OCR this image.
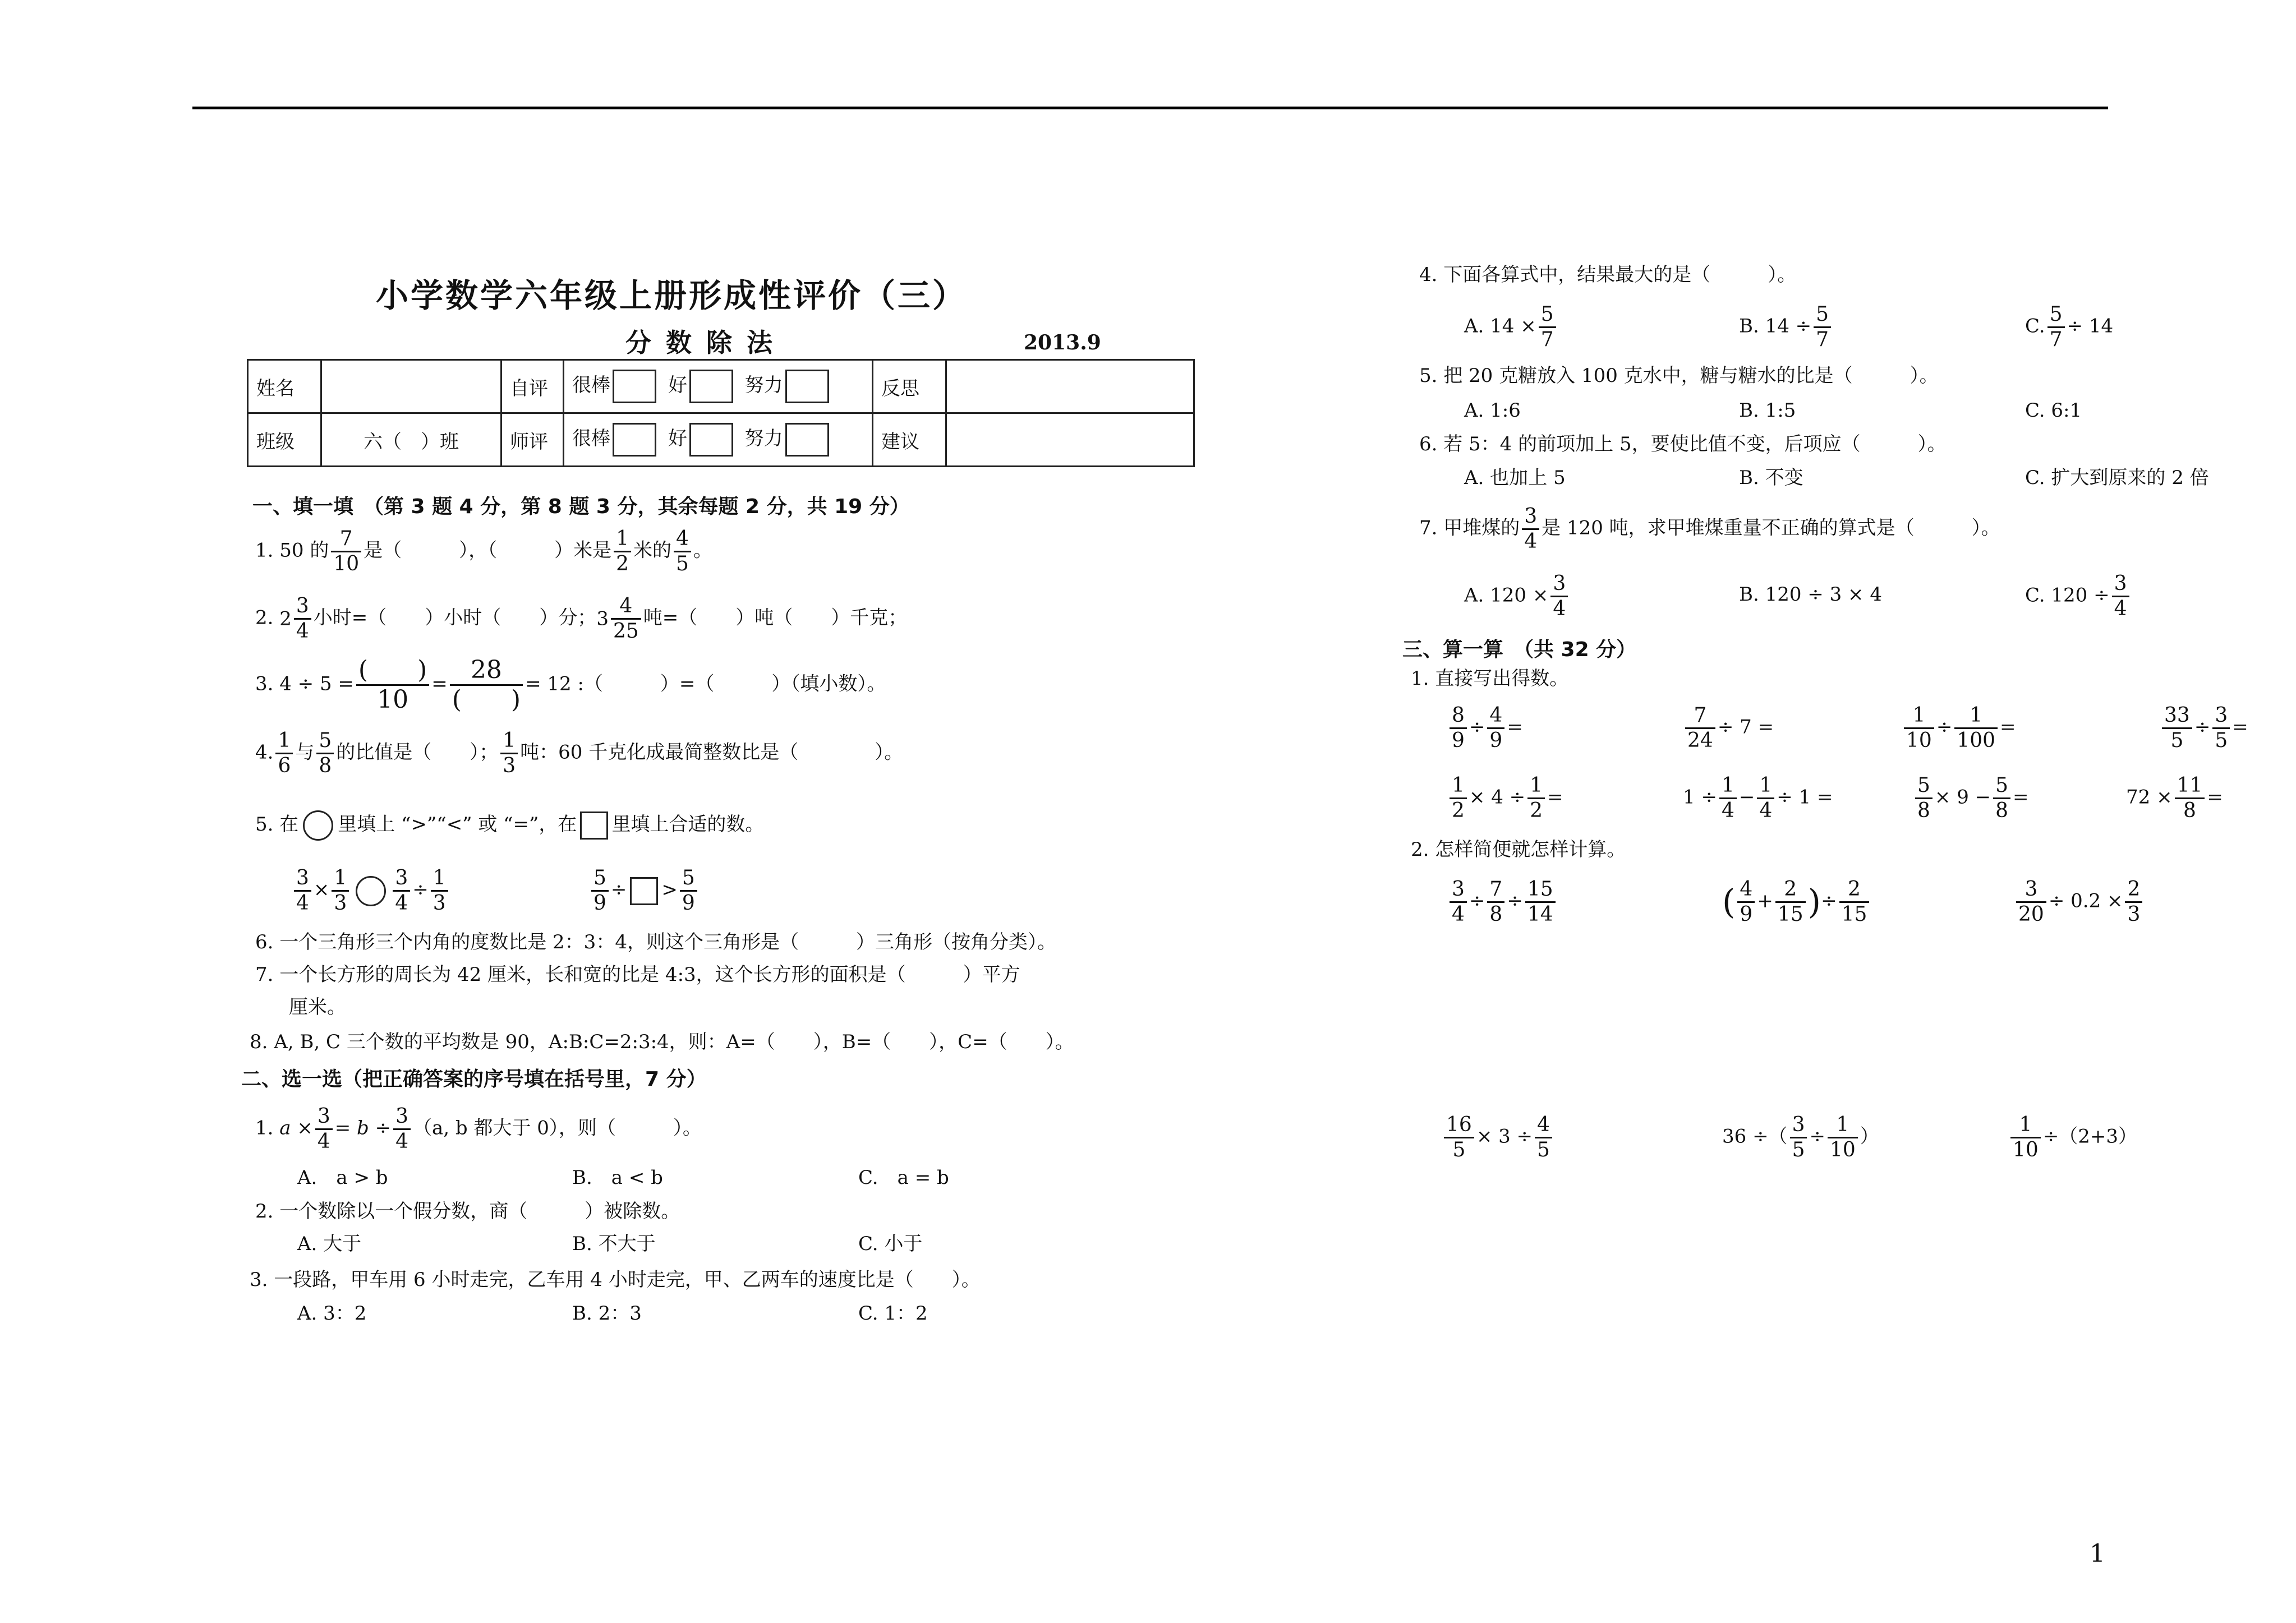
小学数学六年级上册形成性评价（三）
分数除法	2013.9
姓名		自评	很棒 好 努力	反思	
班级	六（　）班	师评	很棒 好 努力	建议	
一、填一填　（第 3 题 4 分，第 8 题 3 分，其余每题 2 分，共 19 分）
1. 50 的 $\frac{7}{10}$ 是（　　　），（　　　）米是 $\frac{1}{2}$ 米的 $\frac{4}{5}$ 。
2. $2 \frac{3}{4}$ 小时=（　　）小时（　　）分；$3 \frac{4}{25}$ 吨=（　　）吨（　　）千克；
3. $4 \div 5 = \frac{( )}{10} = \frac{28}{( )} = 12$ :（　　　）=（　　　）（填小数）。
4. $\frac{1}{6}$ 与 $\frac{5}{8}$ 的比值是（　　）； $\frac{1}{3}$ 吨：60 千克化成最简整数比是（　　　　）。
5. 在 里填上 “>”“<” 或 “=”，在 里填上合适的数。
$\frac{3}{4} \times \frac{1}{3} \frac{3}{4} \div \frac{1}{3}$	$\frac{5}{9}$ ÷ > $\frac{5}{9}$
6. 一个三角形三个内角的度数比是 2：3：4，则这个三角形是（　　　）三角形（按角分类）。
7. 一个长方形的周长为 42 厘米，长和宽的比是 4:3，这个长方形的面积是（　　　）平方
厘米。
8. A, B, C 三个数的平均数是 90，A:B:C=2:3:4，则：A=（　　），B=（　　），C=（　　）。
二、选一选（把正确答案的序号填在括号里，7 分）
1. $a \times \frac{3}{4} = b \div \frac{3}{4} (a$, b 都大于 0），则（　　　）。
A.　a > b	B.　a < b	C.　a = b
2. 一个数除以一个假分数，商（　　　）被除数。
A. 大于	B. 不大于	C. 小于
3. 一段路，甲车用 6 小时走完，乙车用 4 小时走完，甲、乙两车的速度比是（　　）。
A. 3：2	B. 2：3	C. 1：2
4. 下面各算式中，结果最大的是（　　　）。
A. $14 \times \frac{5}{7}$	B. $14 \div \frac{5}{7}$	C. $\frac{5}{7} \div 14$
5. 把 20 克糖放入 100 克水中，糖与糖水的比是（　　　）。
A. 1:6	B. 1:5	C. 6:1
6. 若 5：4 的前项加上 5，要使比值不变，后项应（　　　）。
A. 也加上 5	B. 不变	C. 扩大到原来的 2 倍
7. 甲堆煤的 $\frac{3}{4}$ 是 120 吨，求甲堆煤重量不正确的算式是（　　　）。
A. $120 \times \frac{3}{4}$	B. 120 ÷ 3 × 4	C. $120 \div \frac{3}{4}$
三、算一算　（共 32 分）
1. 直接写出得数。
$\frac{8}{9} \div \frac{4}{9}$ =	$\frac{7}{24} \div 7$ =	$\frac{1}{10} \div \frac{1}{100}$ =	$\frac{33}{5} \div \frac{3}{5}$ =
$\frac{1}{2} \times 4 \div \frac{1}{2}$ =	$1 \div \frac{1}{4} - \frac{1}{4} \div 1$ =	$\frac{5}{8} \times 9 - \frac{5}{8}$ =	$72 \times \frac{11}{8}$ =
2. 怎样简便就怎样计算。
$\frac{3}{4} \div \frac{7}{8} \div \frac{15}{14}$	( $\frac{4}{9} + \frac{2}{15}$ )÷ $\frac{2}{15}$	$\frac{3}{20} \div 0.2 \times \frac{2}{3}$
$\frac{16}{5} \times 3 \div \frac{4}{5}$	36 ÷（ $\frac{3}{5} \div \frac{1}{10}$ ）	$\frac{1}{10} \div(2+3)$
1
